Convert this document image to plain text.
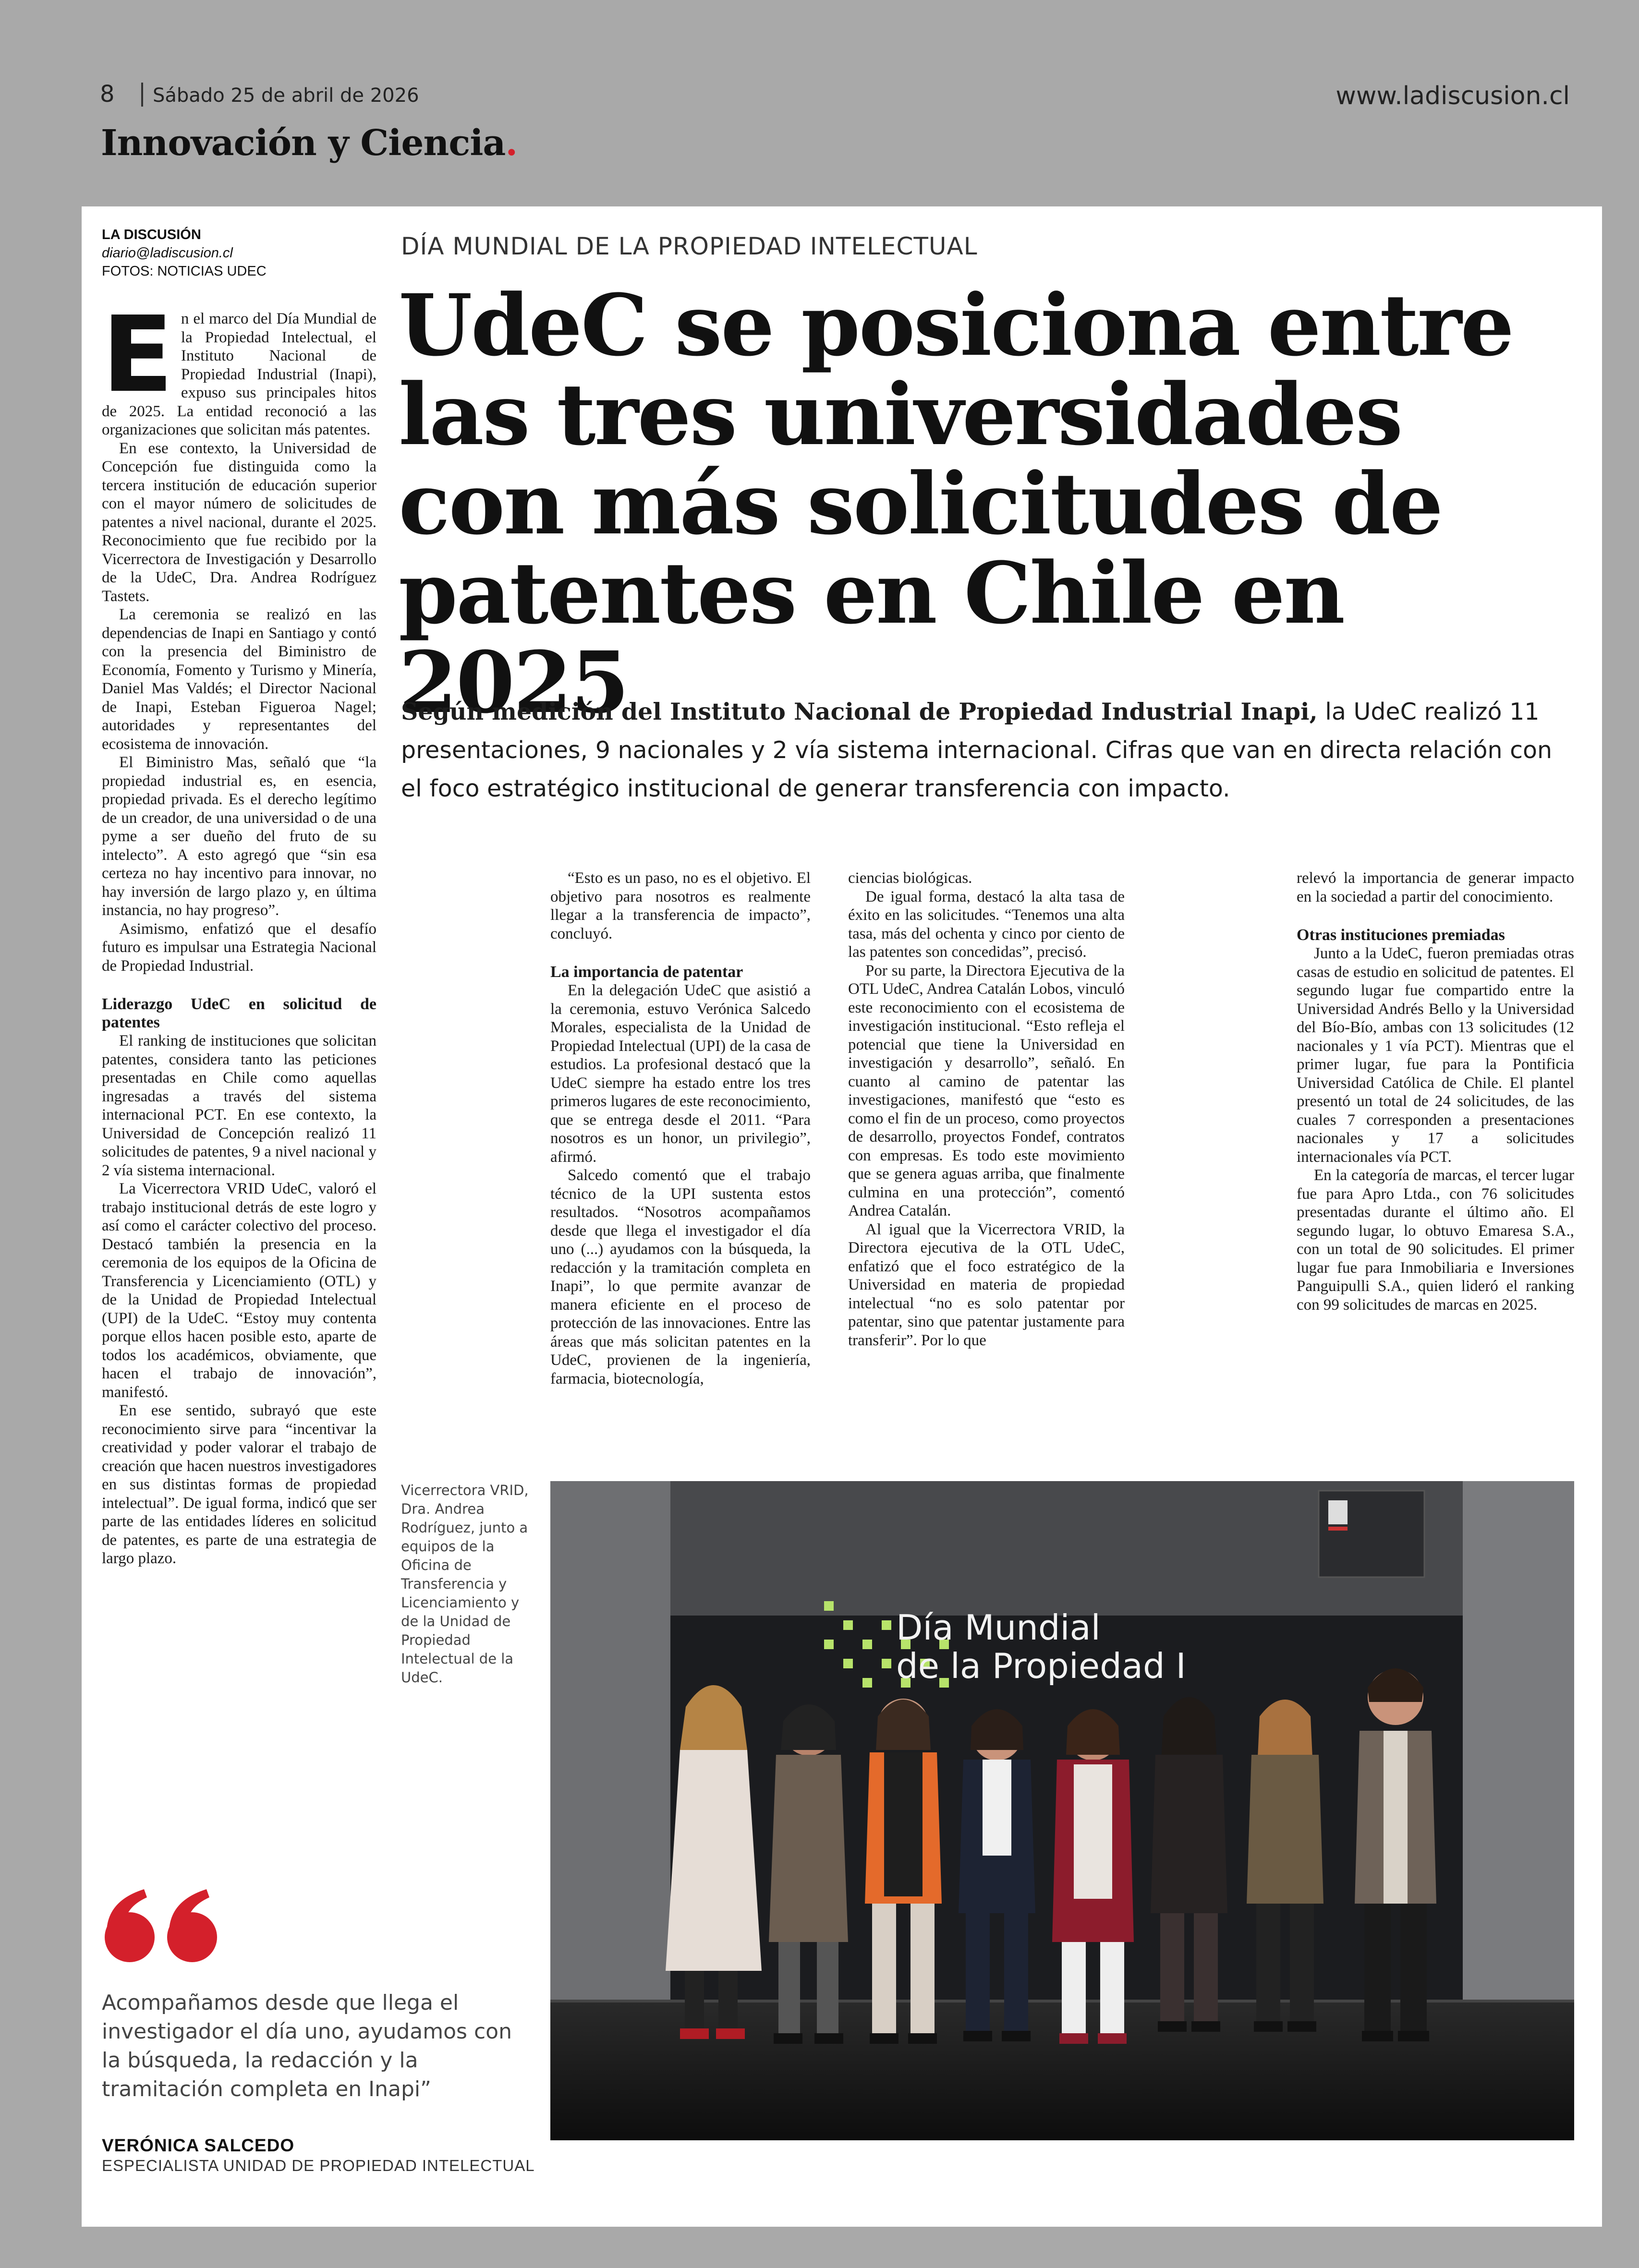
8 Sábado 25 de abril de 2026	www.ladiscusion.cl
Innovación y Ciencia.
LA DISCUSIÓN
diario@ladiscusion.cl
FOTOS: NOTICIAS UDEC
DÍA MUNDIAL DE LA PROPIEDAD INTELECTUAL
UdeC se posiciona entre las tres universidades con más solicitudes de patentes en Chile en 2025
Según medición del Instituto Nacional de Propiedad Industrial Inapi, la UdeC realizó 11 presentaciones, 9 nacionales y 2 vía sistema internacional. Cifras que van en directa relación con el foco estratégico institucional de generar transferencia con impacto.

En el marco del Día Mundial de la Propiedad Intelectual, el Instituto Nacional de Propiedad Industrial (Inapi), expuso sus principales hitos de 2025. La entidad reconoció a las organizaciones que solicitan más patentes.

En ese contexto, la Universidad de Concepción fue distinguida como la tercera institución de educación superior con el mayor número de solicitudes de patentes a nivel nacional, durante el 2025. Reconocimiento que fue recibido por la Vicerrectora de Investigación y Desarrollo de la UdeC, Dra. Andrea Rodríguez Tastets.

La ceremonia se realizó en las dependencias de Inapi en Santiago y contó con la presencia del Biministro de Economía, Fomento y Turismo y Minería, Daniel Mas Valdés; el Director Nacional de Inapi, Esteban Figueroa Nagel; autoridades y representantes del ecosistema de innovación.

El Biministro Mas, señaló que “la propiedad industrial es, en esencia, propiedad privada. Es el derecho legítimo de un creador, de una universidad o de una pyme a ser dueño del fruto de su intelecto”. A esto agregó que “sin esa certeza no hay incentivo para innovar, no hay inversión de largo plazo y, en última instancia, no hay progreso”.

Asimismo, enfatizó que el desafío futuro es impulsar una Estrategia Nacional de Propiedad Industrial.

Liderazgo UdeC en solicitud de patentes

El ranking de instituciones que solicitan patentes, considera tanto las peticiones presentadas en Chile como aquellas ingresadas a través del sistema internacional PCT. En ese contexto, la Universidad de Concepción realizó 11 solicitudes de patentes, 9 a nivel nacional y 2 vía sistema internacional.

La Vicerrectora VRID UdeC, valoró el trabajo institucional detrás de este logro y así como el carácter colectivo del proceso. Destacó también la presencia en la ceremonia de los equipos de la Oficina de Transferencia y Licenciamiento (OTL) y de la Unidad de Propiedad Intelectual (UPI) de la UdeC. “Estoy muy contenta porque ellos hacen posible esto, aparte de todos los académicos, obviamente, que hacen el trabajo de innovación”, manifestó.

En ese sentido, subrayó que este reconocimiento sirve para “incentivar la creatividad y poder valorar el trabajo de creación que hacen nuestros investigadores en sus distintas formas de propiedad intelectual”. De igual forma, indicó que ser parte de las entidades líderes en solicitud de patentes, es parte de una estrategia de largo plazo.

“Esto es un paso, no es el objetivo. El objetivo para nosotros es realmente llegar a la transferencia de impacto”, concluyó.

La importancia de patentar

En la delegación UdeC que asistió a la ceremonia, estuvo Verónica Salcedo Morales, especialista de la Unidad de Propiedad Intelectual (UPI) de la casa de estudios. La profesional destacó que la UdeC siempre ha estado entre los tres primeros lugares de este reconocimiento, que se entrega desde el 2011. “Para nosotros es un honor, un privilegio”, afirmó.

Salcedo comentó que el trabajo técnico de la UPI sustenta estos resultados. “Nosotros acompañamos desde que llega el investigador el día uno (...) ayudamos con la búsqueda, la redacción y la tramitación completa en Inapi”, lo que permite avanzar de manera eficiente en el proceso de protección de las innovaciones. Entre las áreas que más solicitan patentes en la UdeC, provienen de la ingeniería, farmacia, biotecnología,

ciencias biológicas.

De igual forma, destacó la alta tasa de éxito en las solicitudes. “Tenemos una alta tasa, más del ochenta y cinco por ciento de las patentes son concedidas”, precisó.

Por su parte, la Directora Ejecutiva de la OTL UdeC, Andrea Catalán Lobos, vinculó este reconocimiento con el ecosistema de investigación institucional. “Esto refleja el potencial que tiene la Universidad en investigación y desarrollo”, señaló. En cuanto al camino de patentar las investigaciones, manifestó que “esto es como el fin de un proceso, como proyectos de desarrollo, proyectos Fondef, contratos con empresas. Es todo este movimiento que se genera aguas arriba, que finalmente culmina en una protección”, comentó Andrea Catalán.

Al igual que la Vicerrectora VRID, la Directora ejecutiva de la OTL UdeC, enfatizó que el foco estratégico de la Universidad en materia de propiedad intelectual “no es solo patentar por patentar, sino que patentar justamente para transferir”. Por lo que

relevó la importancia de generar impacto en la sociedad a partir del conocimiento.

Otras instituciones premiadas

Junto a la UdeC, fueron premiadas otras casas de estudio en solicitud de patentes. El segundo lugar fue compartido entre la Universidad Andrés Bello y la Universidad del Bío-Bío, ambas con 13 solicitudes (12 nacionales y 1 vía PCT). Mientras que el primer lugar, fue para la Pontificia Universidad Católica de Chile. El plantel presentó un total de 24 solicitudes, de las cuales 7 corresponden a presentaciones nacionales y 17 a solicitudes internacionales vía PCT.

En la categoría de marcas, el tercer lugar fue para Apro Ltda., con 76 solicitudes presentadas durante el último año. El segundo lugar, lo obtuvo Emaresa S.A., con un total de 90 solicitudes. El primer lugar fue para Inmobiliaria e Inversiones Panguipulli S.A., quien lideró el ranking con 99 solicitudes de marcas en 2025.

Vicerrectora VRID, Dra. Andrea Rodríguez, junto a equipos de la Oficina de Transferencia y Licenciamiento y de la Unidad de Propiedad Intelectual de la UdeC.
Día Mundial
de la Propiedad I
Acompañamos desde que llega el investigador el día uno, ayudamos con la búsqueda, la redacción y la tramitación completa en Inapi”
VERÓNICA SALCEDO
ESPECIALISTA UNIDAD DE PROPIEDAD INTELECTUAL
